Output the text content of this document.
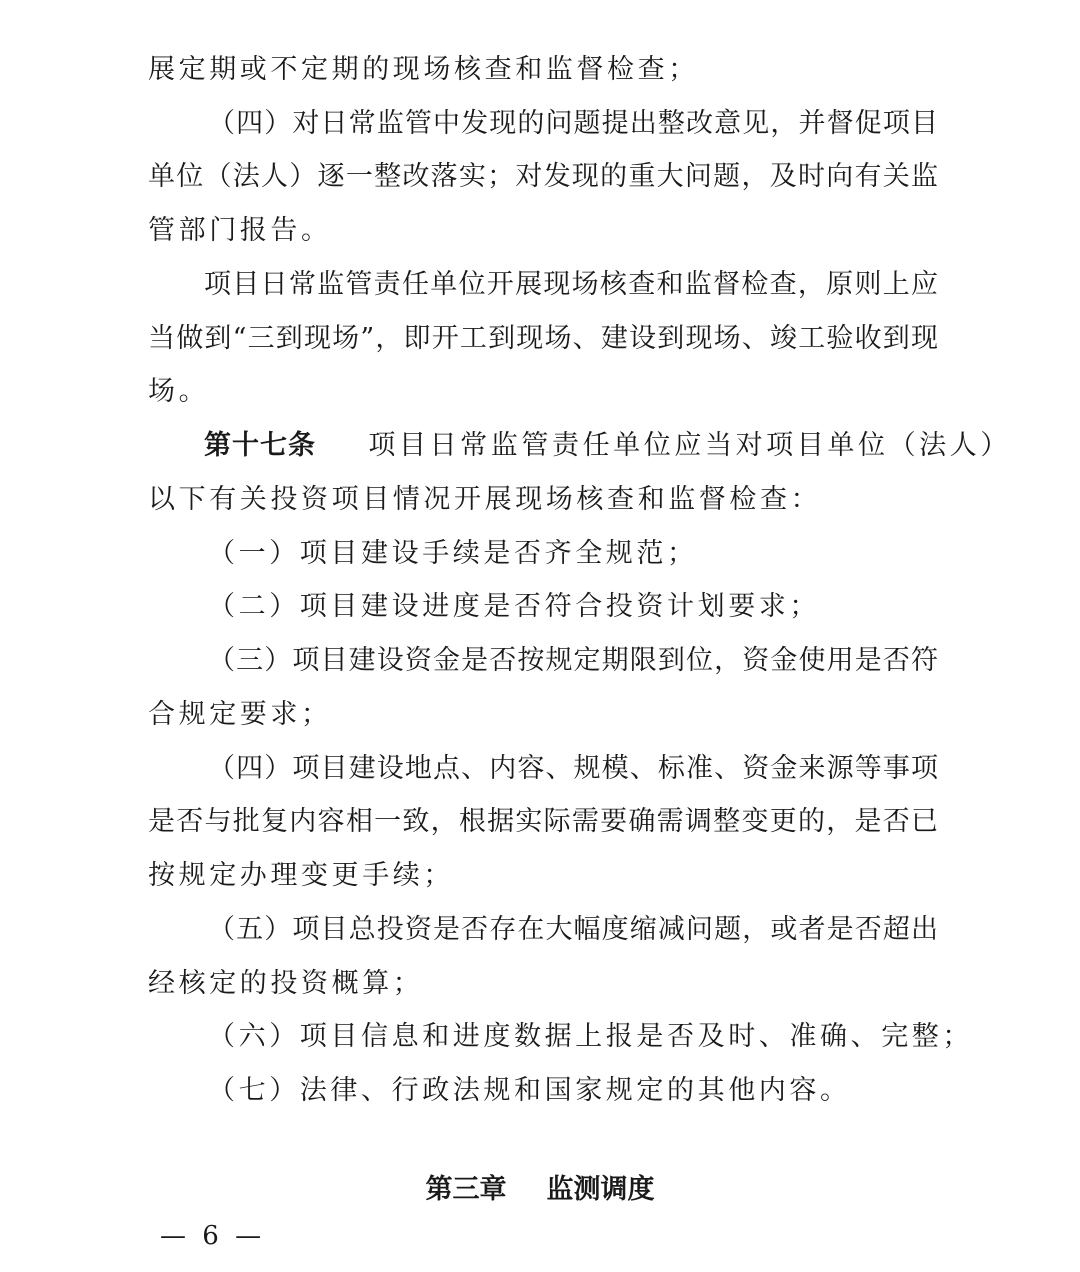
展定期或不定期的现场核查和监督检查；
（四）对日常监管中发现的问题提出整改意见，并督促项目
单位（法人）逐一整改落实；对发现的重大问题，及时向有关监
管部门报告。
项目日常监管责任单位开展现场核查和监督检查，原则上应
当做到“三到现场”，即开工到现场、建设到现场、竣工验收到现
场。
第十七条 项目日常监管责任单位应当对项目单位（法人）
以下有关投资项目情况开展现场核查和监督检查：
（一）项目建设手续是否齐全规范；
（二）项目建设进度是否符合投资计划要求；
（三）项目建设资金是否按规定期限到位，资金使用是否符
合规定要求；
（四）项目建设地点、内容、规模、标准、资金来源等事项
是否与批复内容相一致，根据实际需要确需调整变更的，是否已
按规定办理变更手续；
（五）项目总投资是否存在大幅度缩减问题，或者是否超出
经核定的投资概算；
（六）项目信息和进度数据上报是否及时、准确、完整；
（七）法律、行政法规和国家规定的其他内容。
第三章 监测调度
— 6 —
